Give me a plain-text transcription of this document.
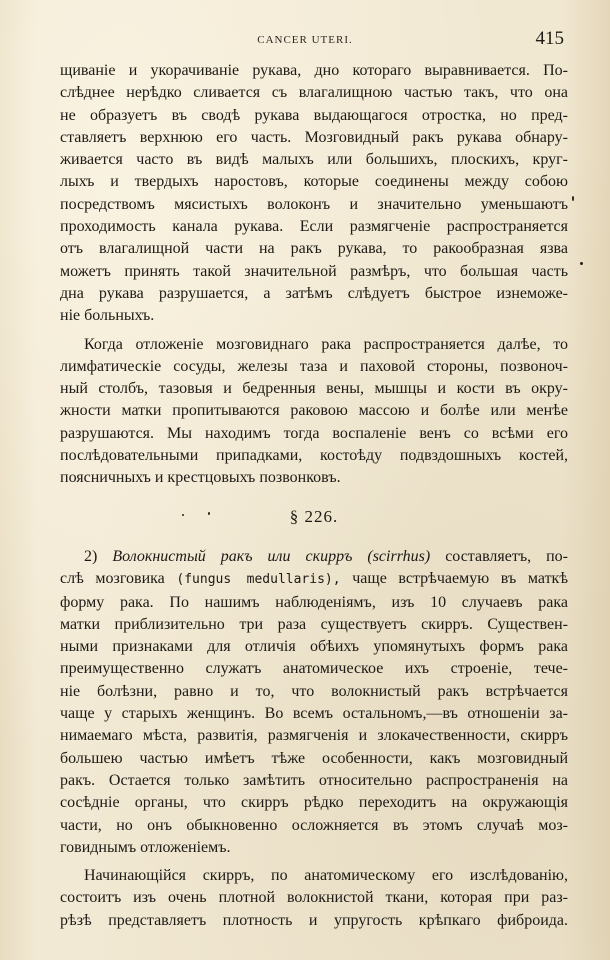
CANCER UTERI.	415
щиванiе и укорачиванiе рукава, дно котораго выравнивается. По-
слѣднее нерѣдко сливается съ влагалищною частью такъ, что она
не образуетъ въ сводѣ рукава выдающагося отростка, но пред-
ставляетъ верхнюю его часть. Мозговидный ракъ рукава обнару-
живается часто въ видѣ малыхъ или большихъ, плоскихъ, круг-
лыхъ и твердыхъ наростовъ, которые соединены между собою
посредствомъ мясистыхъ волоконъ и значительно уменьшаютъ
проходимость канала рукава. Если размягченiе распространяется
отъ влагалищной части на ракъ рукава, то ракообразная язва
можетъ принять такой значительной размѣръ, что большая часть
дна рукава разрушается, а затѣмъ слѣдуетъ быстрое изнеможе-
нiе больныхъ.
Когда отложенiе мозговиднаго рака распространяется далѣе, то
лимфатическiе сосуды, железы таза и паховой стороны, позвоноч-
ный столбъ, тазовыя и бедренныя вены, мышцы и кости въ окру-
жности матки пропитываются раковою массою и болѣе или менѣе
разрушаются. Мы находимъ тогда воспаленiе венъ со всѣми его
послѣдовательными припадками, костоѣду подвздошныхъ костей,
поясничныхъ и крестцовыхъ позвонковъ.
§ 226.
2) Волокнистый ракъ или скирръ (scirrhus) составляетъ, по-
слѣ мозговика (fungus medullaris), чаще встрѣчаемую въ маткѣ
форму рака. По нашимъ наблюденiямъ, изъ 10 случаевъ рака
матки приблизительно три раза существуетъ скирръ. Существен-
ными признаками для отличiя обѣихъ упомянутыхъ формъ рака
преимущественно служатъ анатомическое ихъ строенiе, тече-
нiе болѣзни, равно и то, что волокнистый ракъ встрѣчается
чаще у старыхъ женщинъ. Во всемъ остальномъ,—въ отношенiи за-
нимаемаго мѣста, развитiя, размягченiя и злокачественности, скирръ
большею частью имѣетъ тѣже особенности, какъ мозговидный
ракъ. Остается только замѣтить относительно распространенiя на
сосѣднiе органы, что скирръ рѣдко переходитъ на окружающiя
части, но онъ обыкновенно осложняется въ этомъ случаѣ моз-
говиднымъ отложенiемъ.
Начинающiйся скирръ, по анатомическому его изслѣдованiю,
состоитъ изъ очень плотной волокнистой ткани, которая при раз-
рѣзѣ представляетъ плотность и упругость крѣпкаго фиброида.
